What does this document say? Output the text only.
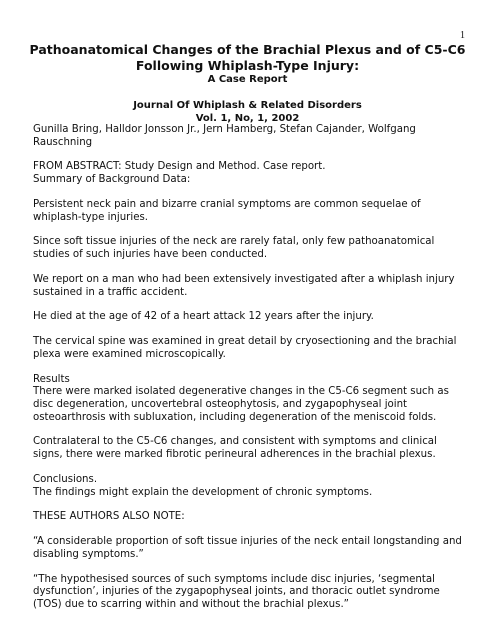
1
Pathoanatomical Changes of the Brachial Plexus and of C5-C6
Following Whiplash-Type Injury:
A Case Report
Journal Of Whiplash & Related Disorders
Vol. 1, No, 1, 2002

Gunilla Bring, Halldor Jonsson Jr., Jern Hamberg, Stefan Cajander, Wolfgang Rauschning

FROM ABSTRACT: Study Design and Method. Case report.
Summary of Background Data:

Persistent neck pain and bizarre cranial symptoms are common sequelae of whiplash-type injuries.

Since soft tissue injuries of the neck are rarely fatal, only few pathoanatomical studies of such injuries have been conducted.

We report on a man who had been extensively investigated after a whiplash injury sustained in a traffic accident.

He died at the age of 42 of a heart attack 12 years after the injury.

The cervical spine was examined in great detail by cryosectioning and the brachial plexa were examined microscopically.

Results
There were marked isolated degenerative changes in the C5-C6 segment such as disc degeneration, uncovertebral osteophytosis, and zygapophyseal joint osteoarthrosis with subluxation, including degeneration of the meniscoid folds.

Contralateral to the C5-C6 changes, and consistent with symptoms and clinical signs, there were marked fibrotic perineural adherences in the brachial plexus.

Conclusions.
The findings might explain the development of chronic symptoms.

THESE AUTHORS ALSO NOTE:

“A considerable proportion of soft tissue injuries of the neck entail longstanding and disabling symptoms.”

“The hypothesised sources of such symptoms include disc injuries, ‘segmental dysfunction’, injuries of the zygapophyseal joints, and thoracic outlet syndrome (TOS) due to scarring within and without the brachial plexus.”
